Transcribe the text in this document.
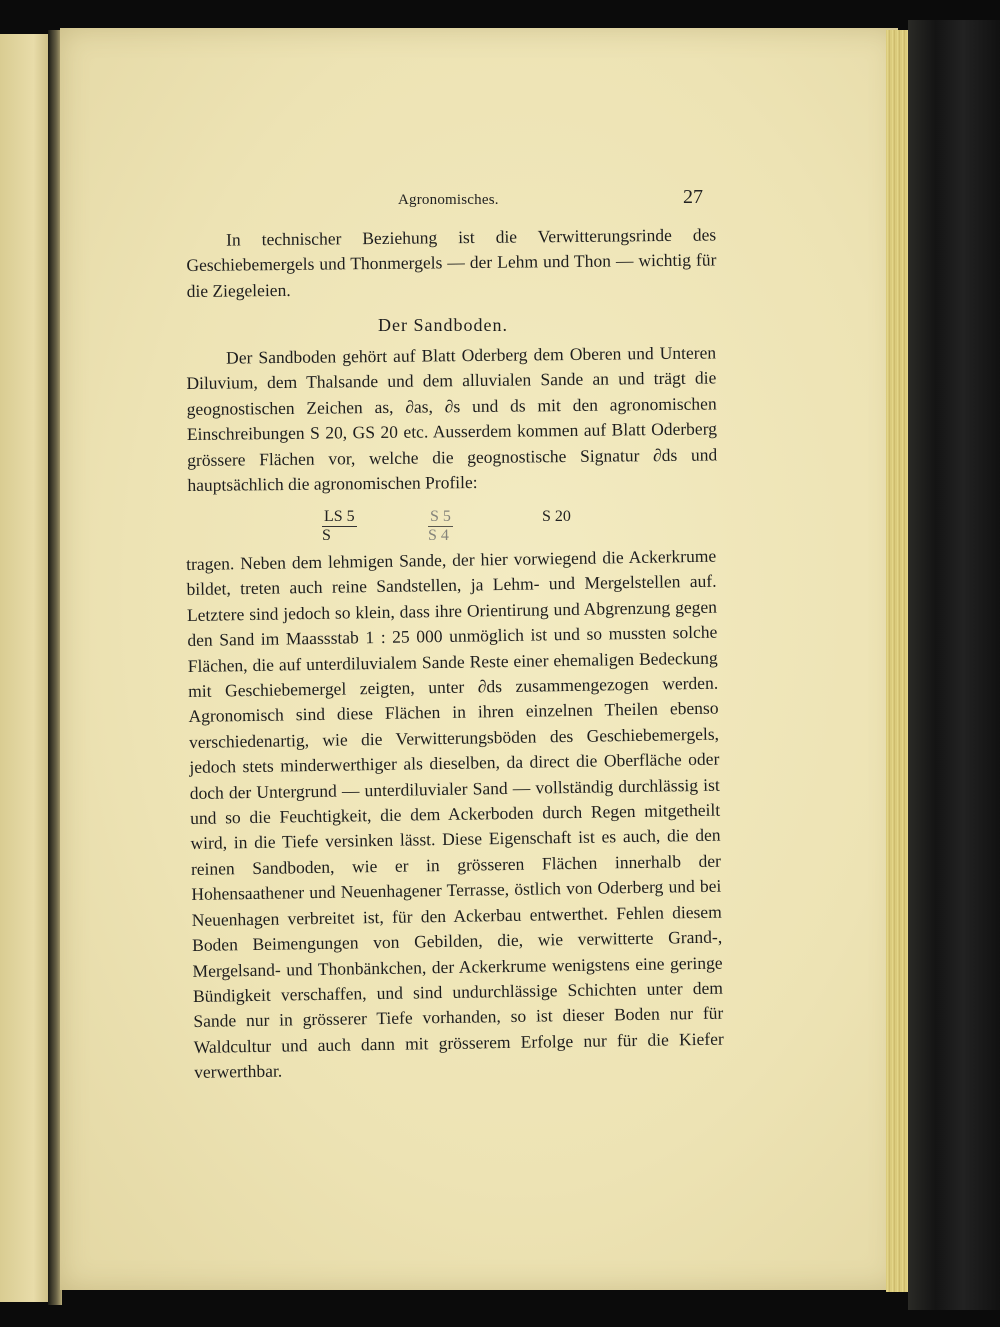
Agronomisches.	27

In technischer Beziehung ist die Verwitterungsrinde des Geschiebemergels und Thonmergels — der Lehm und Thon — wichtig für die Ziegeleien.

Der Sandboden.

Der Sandboden gehört auf Blatt Oderberg dem Oberen und Unteren Diluvium, dem Thalsande und dem alluvialen Sande an und trägt die geognostischen Zeichen as, ∂as, ∂s und ds mit den agronomischen Einschreibungen S 20, GS 20 etc. Ausserdem kommen auf Blatt Oderberg grössere Flächen vor, welche die geognostische Signatur ∂ds und hauptsächlich die agronomischen Profile:

$\frac{LS 5}{S}$	$\frac{S 5}{S 4}$	S 20

tragen. Neben dem lehmigen Sande, der hier vorwiegend die Ackerkrume bildet, treten auch reine Sandstellen, ja Lehm- und Mergelstellen auf. Letztere sind jedoch so klein, dass ihre Orientirung und Abgrenzung gegen den Sand im Maassstab 1 : 25 000 unmöglich ist und so mussten solche Flächen, die auf unterdiluvialem Sande Reste einer ehemaligen Bedeckung mit Geschiebemergel zeigten, unter ∂ds zusammengezogen werden. Agronomisch sind diese Flächen in ihren einzelnen Theilen ebenso verschiedenartig, wie die Verwitterungsböden des Geschiebemergels, jedoch stets minderwerthiger als dieselben, da direct die Oberfläche oder doch der Untergrund — unterdiluvialer Sand — vollständig durchlässig ist und so die Feuchtigkeit, die dem Ackerboden durch Regen mitgetheilt wird, in die Tiefe versinken lässt. Diese Eigenschaft ist es auch, die den reinen Sandboden, wie er in grösseren Flächen innerhalb der Hohensaathener und Neuenhagener Terrasse, östlich von Oderberg und bei Neuenhagen verbreitet ist, für den Ackerbau entwerthet. Fehlen diesem Boden Beimengungen von Gebilden, die, wie verwitterte Grand-, Mergelsand- und Thonbänkchen, der Ackerkrume wenigstens eine geringe Bündigkeit verschaffen, und sind undurchlässige Schichten unter dem Sande nur in grösserer Tiefe vorhanden, so ist dieser Boden nur für Waldcultur und auch dann mit grösserem Erfolge nur für die Kiefer verwerthbar.
